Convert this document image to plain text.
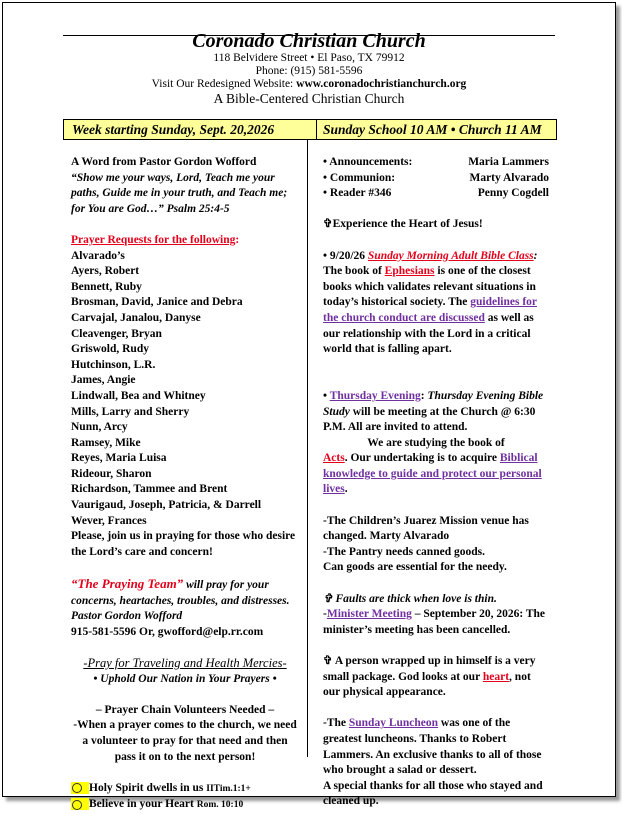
Coronado Christian Church
118 Belvidere Street • El Paso, TX 79912
Phone: (915) 581-5596
Visit Our Redesigned Website: www.coronadochristianchurch.org
A Bible-Centered Christian Church
Week starting Sunday, Sept. 20,2026	Sunday School 10 AM • Church 11 AM
A Word from Pastor Gordon Wofford
“Show me your ways, Lord, Teach me your paths, Guide me in your truth, and Teach me; for You are God…” Psalm 25:4-5
Prayer Requests for the following:
Alvarado’s
Ayers, Robert
Bennett, Ruby
Brosman, David, Janice and Debra
Carvajal, Janalou, Danyse
Cleavenger, Bryan
Griswold, Rudy
Hutchinson, L.R.
James, Angie
Lindwall, Bea and Whitney
Mills, Larry and Sherry
Nunn, Arcy
Ramsey, Mike
Reyes, Maria Luisa
Rideour, Sharon
Richardson, Tammee and Brent
Vaurigaud, Joseph, Patricia, & Darrell
Wever, Frances
Please, join us in praying for those who desire the Lord’s care and concern!
“The Praying Team” will pray for your concerns, heartaches, troubles, and distresses. Pastor Gordon Wofford
915-581-5596 Or, gwofford@elp.rr.com
-Pray for Traveling and Health Mercies-
• Uphold Our Nation in Your Prayers •
– Prayer Chain Volunteers Needed –
-When a prayer comes to the church, we need a volunteer to pray for that need and then pass it on to the next person!
Holy Spirit dwells in us IITim.1:1+
Believe in your Heart Rom. 10:10
• Announcements:	Maria Lammers
• Communion:	Marty Alvarado
• Reader #346	Penny Cogdell
✞Experience the Heart of Jesus!
• 9/20/26 Sunday Morning Adult Bible Class: The book of Ephesians is one of the closest books which validates relevant situations in today’s historical society. The guidelines for the church conduct are discussed as well as our relationship with the Lord in a critical world that is falling apart.
• Thursday Evening: Thursday Evening Bible Study will be meeting at the Church @ 6:30 P.M. All are invited to attend.
We are studying the book of
Acts. Our undertaking is to acquire Biblical knowledge to guide and protect our personal lives.
-The Children’s Juarez Mission venue has changed. Marty Alvarado
-The Pantry needs canned goods.
Can goods are essential for the needy.
✞ Faults are thick when love is thin.
-Minister Meeting – September 20, 2026: The minister’s meeting has been cancelled.
✞ A person wrapped up in himself is a very small package. God looks at our heart, not our physical appearance.
-The Sunday Luncheon was one of the greatest luncheons. Thanks to Robert Lammers. An exclusive thanks to all of those who brought a salad or dessert.
A special thanks for all those who stayed and cleaned up.
